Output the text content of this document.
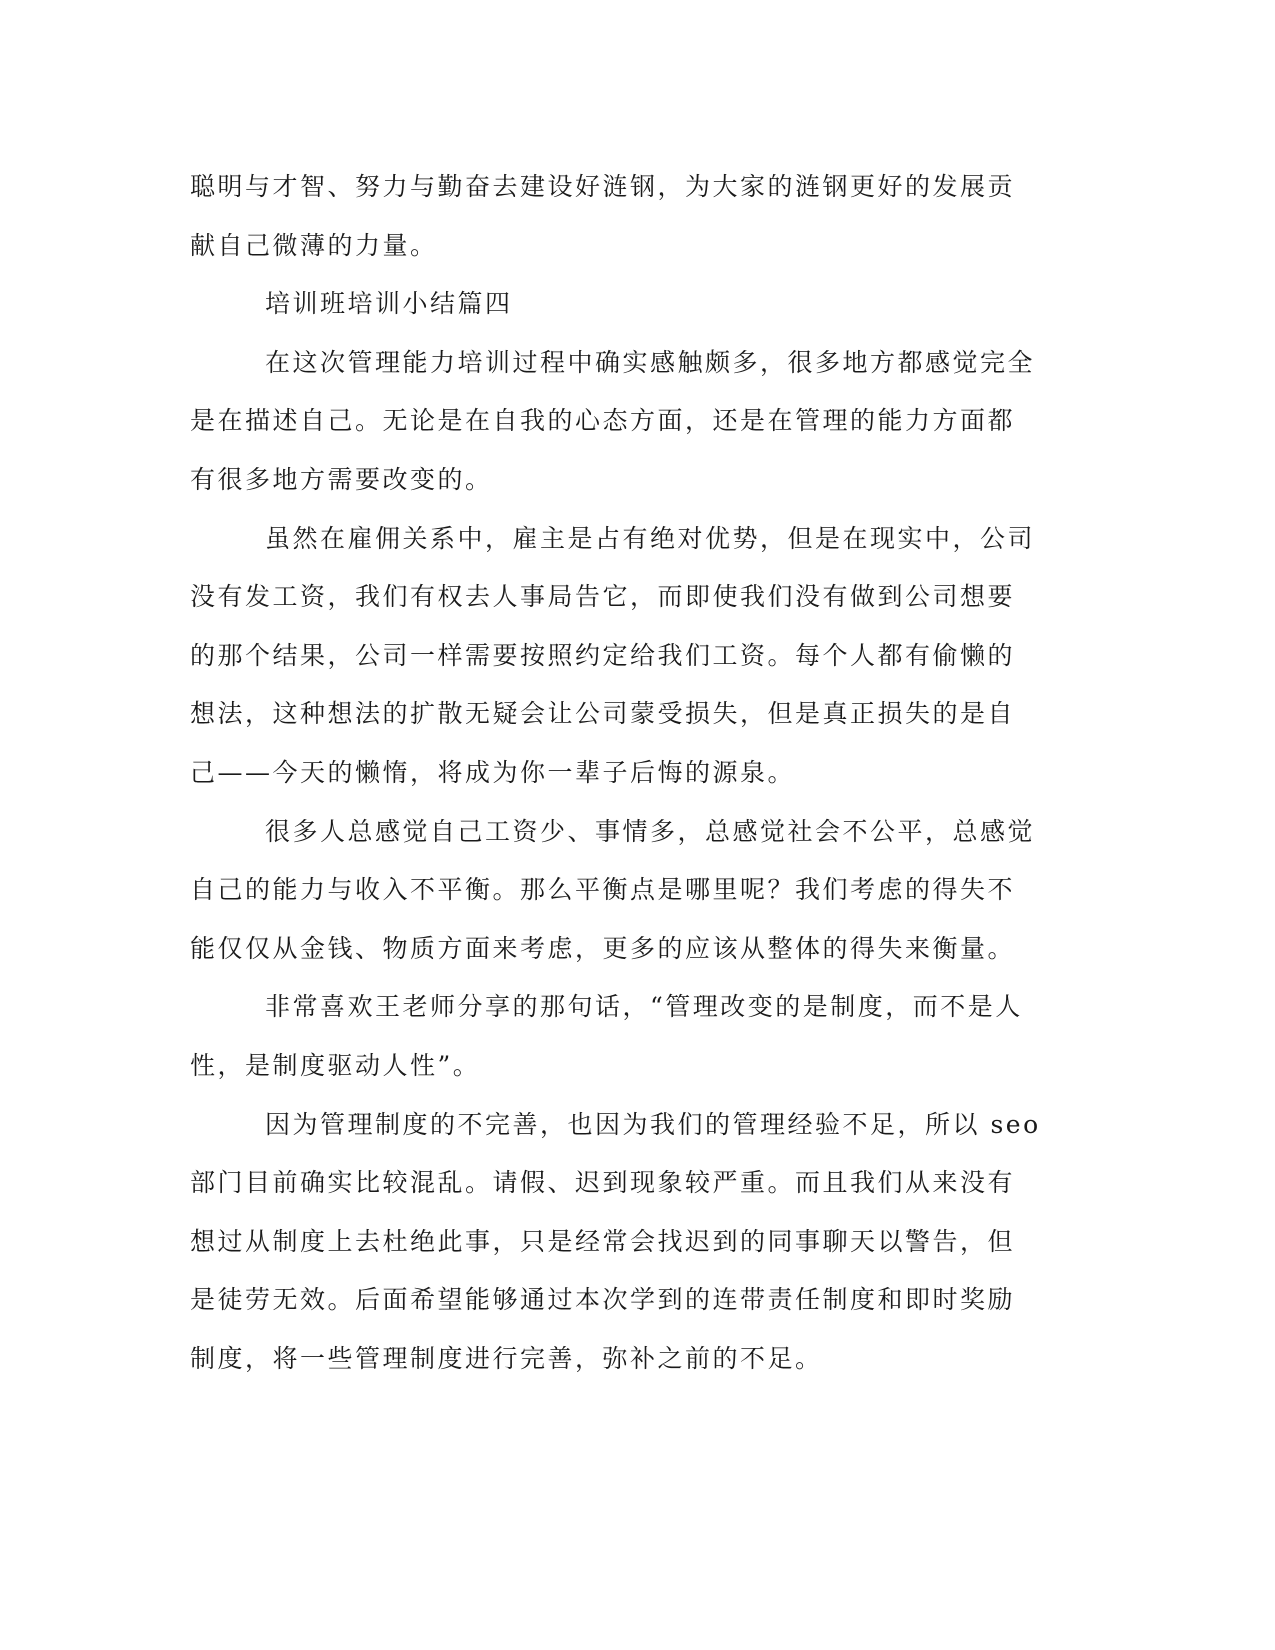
聪明与才智、努力与勤奋去建设好涟钢，为大家的涟钢更好的发展贡
献自己微薄的力量。
培训班培训小结篇四
在这次管理能力培训过程中确实感触颇多，很多地方都感觉完全
是在描述自己。无论是在自我的心态方面，还是在管理的能力方面都
有很多地方需要改变的。
虽然在雇佣关系中，雇主是占有绝对优势，但是在现实中，公司
没有发工资，我们有权去人事局告它，而即使我们没有做到公司想要
的那个结果，公司一样需要按照约定给我们工资。每个人都有偷懒的
想法，这种想法的扩散无疑会让公司蒙受损失，但是真正损失的是自
己——今天的懒惰，将成为你一辈子后悔的源泉。
很多人总感觉自己工资少、事情多，总感觉社会不公平，总感觉
自己的能力与收入不平衡。那么平衡点是哪里呢？我们考虑的得失不
能仅仅从金钱、物质方面来考虑，更多的应该从整体的得失来衡量。
非常喜欢王老师分享的那句话，“管理改变的是制度，而不是人
性，是制度驱动人性”。
因为管理制度的不完善，也因为我们的管理经验不足，所以 seo
部门目前确实比较混乱。请假、迟到现象较严重。而且我们从来没有
想过从制度上去杜绝此事，只是经常会找迟到的同事聊天以警告，但
是徒劳无效。后面希望能够通过本次学到的连带责任制度和即时奖励
制度，将一些管理制度进行完善，弥补之前的不足。
